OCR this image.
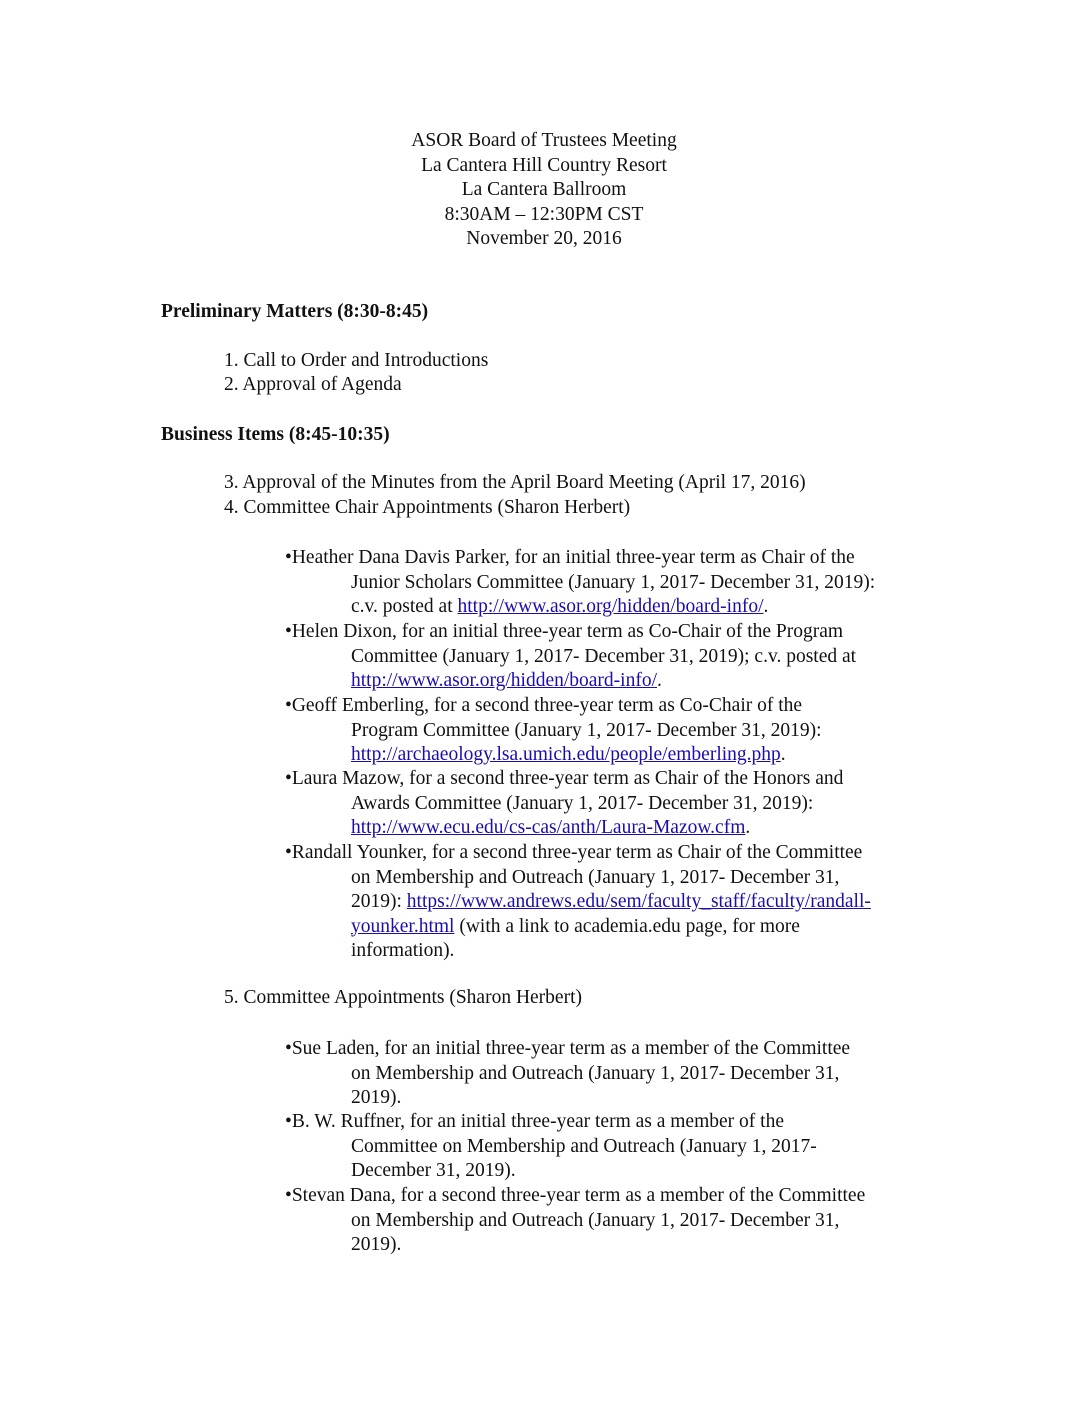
ASOR Board of Trustees Meeting
La Cantera Hill Country Resort
La Cantera Ballroom
8:30AM – 12:30PM CST
November 20, 2016
Preliminary Matters (8:30-8:45)
1. Call to Order and Introductions
2. Approval of Agenda
Business Items (8:45-10:35)
3. Approval of the Minutes from the April Board Meeting (April 17, 2016)
4. Committee Chair Appointments (Sharon Herbert)
•Heather Dana Davis Parker, for an initial three-year term as Chair of the
Junior Scholars Committee (January 1, 2017- December 31, 2019):
c.v. posted at http://www.asor.org/hidden/board-info/.
•Helen Dixon, for an initial three-year term as Co-Chair of the Program
Committee (January 1, 2017- December 31, 2019); c.v. posted at
http://www.asor.org/hidden/board-info/.
•Geoff Emberling, for a second three-year term as Co-Chair of the
Program Committee (January 1, 2017- December 31, 2019):
http://archaeology.lsa.umich.edu/people/emberling.php.
•Laura Mazow, for a second three-year term as Chair of the Honors and
Awards Committee (January 1, 2017- December 31, 2019):
http://www.ecu.edu/cs-cas/anth/Laura-Mazow.cfm.
•Randall Younker, for a second three-year term as Chair of the Committee
on Membership and Outreach (January 1, 2017- December 31,
2019): https://www.andrews.edu/sem/faculty_staff/faculty/randall-
younker.html (with a link to academia.edu page, for more
information).
5. Committee Appointments (Sharon Herbert)
•Sue Laden, for an initial three-year term as a member of the Committee
on Membership and Outreach (January 1, 2017- December 31,
2019).
•B. W. Ruffner, for an initial three-year term as a member of the
Committee on Membership and Outreach (January 1, 2017-
December 31, 2019).
•Stevan Dana, for a second three-year term as a member of the Committee
on Membership and Outreach (January 1, 2017- December 31,
2019).
